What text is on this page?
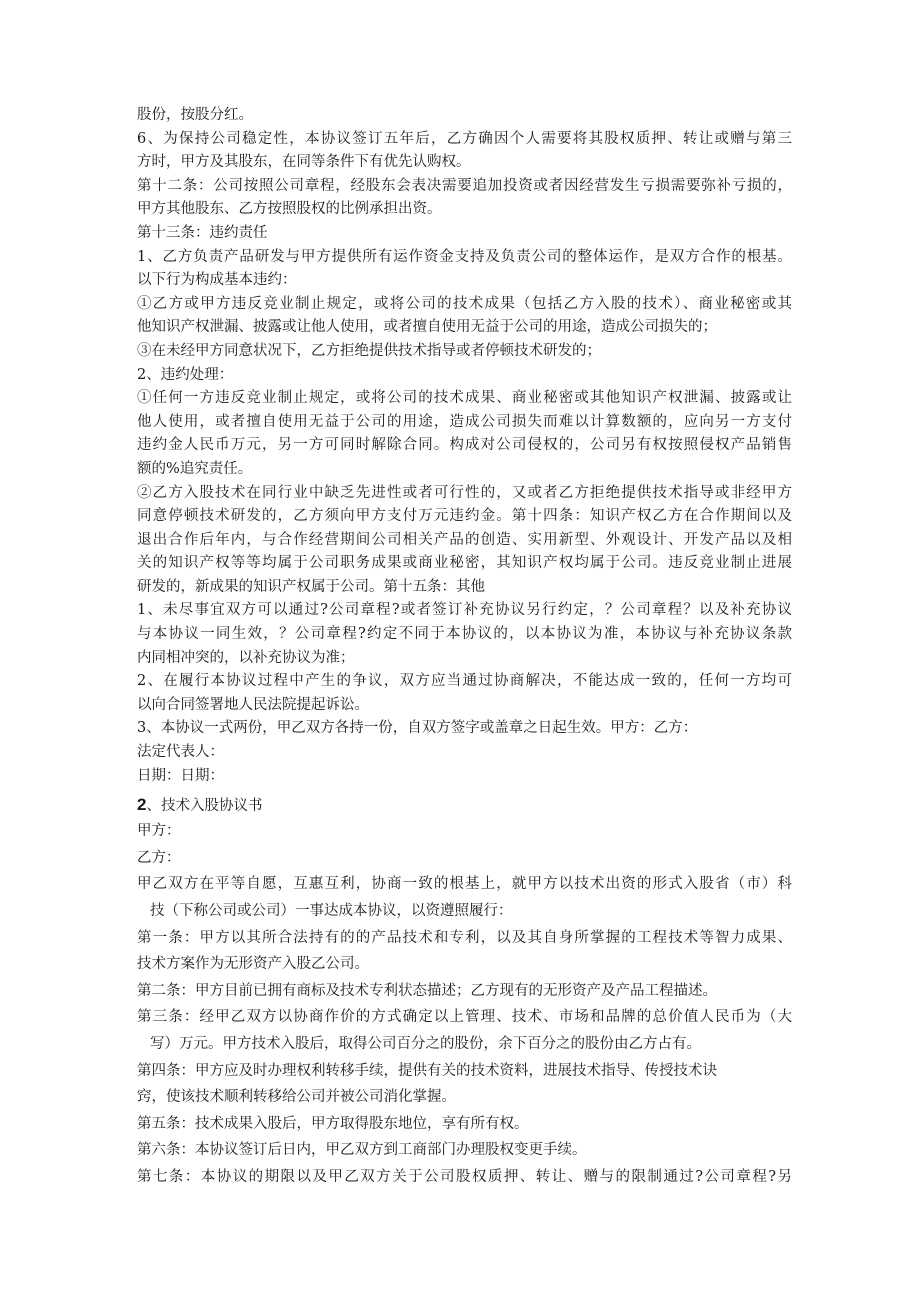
股份，按股分红。
6、为保持公司稳定性，本协议签订五年后，乙方确因个人需要将其股权质押、转让或赠与第三
方时，甲方及其股东，在同等条件下有优先认购权。
第十二条：公司按照公司章程，经股东会表决需要追加投资或者因经营发生亏损需要弥补亏损的，
甲方其他股东、乙方按照股权的比例承担出资。
第十三条：违约责任
1、乙方负责产品研发与甲方提供所有运作资金支持及负责公司的整体运作，是双方合作的根基。
以下行为构成基本违约：
①乙方或甲方违反竞业制止规定，或将公司的技术成果（包括乙方入股的技术）、商业秘密或其
他知识产权泄漏、披露或让他人使用，或者擅自使用无益于公司的用途，造成公司损失的；
③在未经甲方同意状况下，乙方拒绝提供技术指导或者停顿技术研发的；
2、违约处理：
①任何一方违反竞业制止规定，或将公司的技术成果、商业秘密或其他知识产权泄漏、披露或让
他人使用，或者擅自使用无益于公司的用途，造成公司损失而难以计算数额的，应向另一方支付
违约金人民币万元，另一方可同时解除合同。构成对公司侵权的，公司另有权按照侵权产品销售
额的%追究责任。
②乙方入股技术在同行业中缺乏先进性或者可行性的，又或者乙方拒绝提供技术指导或非经甲方
同意停顿技术研发的，乙方须向甲方支付万元违约金。第十四条：知识产权乙方在合作期间以及
退出合作后年内，与合作经营期间公司相关产品的创造、实用新型、外观设计、开发产品以及相
关的知识产权等等均属于公司职务成果或商业秘密，其知识产权均属于公司。违反竞业制止进展
研发的，新成果的知识产权属于公司。第十五条：其他
1、未尽事宜双方可以通过?公司章程?或者签订补充协议另行约定，？公司章程？以及补充协议
与本协议一同生效，？公司章程?约定不同于本协议的，以本协议为准，本协议与补充协议条款
内同相冲突的，以补充协议为准；
2、在履行本协议过程中产生的争议，双方应当通过协商解决，不能达成一致的，任何一方均可
以向合同签署地人民法院提起诉讼。
3、本协议一式两份，甲乙双方各持一份，自双方签字或盖章之日起生效。甲方：乙方：
法定代表人：
日期：日期：
2、技术入股协议书
甲方：
乙方：
甲乙双方在平等自愿，互惠互利，协商一致的根基上，就甲方以技术出资的形式入股省（市）科
技（下称公司或公司）一事达成本协议，以资遵照履行：
第一条：甲方以其所合法持有的的产品技术和专利，以及其自身所掌握的工程技术等智力成果、
技术方案作为无形资产入股乙公司。
第二条：甲方目前已拥有商标及技术专利状态描述；乙方现有的无形资产及产品工程描述。
第三条：经甲乙双方以协商作价的方式确定以上管理、技术、市场和品牌的总价值人民币为（大
写）万元。甲方技术入股后，取得公司百分之的股份，余下百分之的股份由乙方占有。
第四条：甲方应及时办理权利转移手续，提供有关的技术资料，进展技术指导、传授技术诀
窍，使该技术顺利转移给公司并被公司消化掌握。
第五条：技术成果入股后，甲方取得股东地位，享有所有权。
第六条：本协议签订后日内，甲乙双方到工商部门办理股权变更手续。
第七条：本协议的期限以及甲乙双方关于公司股权质押、转让、赠与的限制通过?公司章程?另
